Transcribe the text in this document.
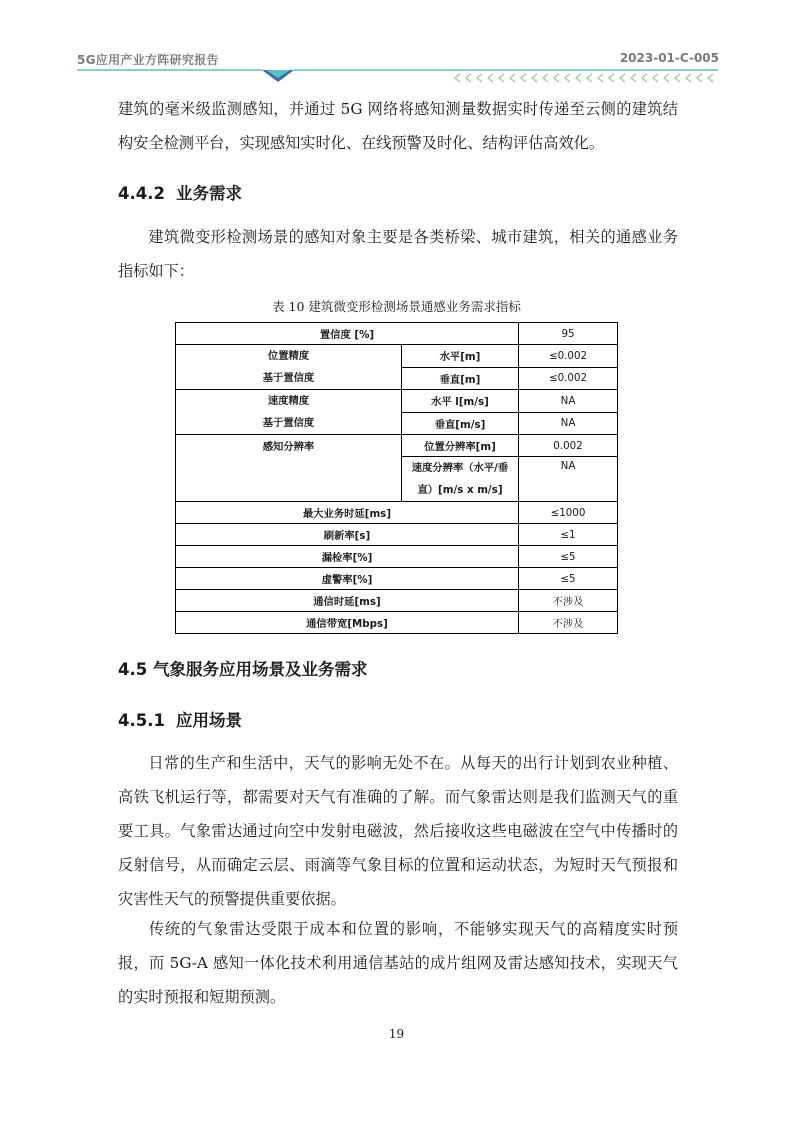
5G应用产业方阵研究报告	2023-01-C-005

建筑的毫米级监测感知，并通过 5G 网络将感知测量数据实时传递至云侧的建筑结构安全检测平台，实现感知实时化、在线预警及时化、结构评估高效化。

4.4.2 业务需求

建筑微变形检测场景的感知对象主要是各类桥梁、城市建筑，相关的通感业务指标如下：

表 10 建筑微变形检测场景通感业务需求指标
置信度 [%]		95

位置精度
基于置信度	水平[m]	≤0.002
	垂直[m]	≤0.002

速度精度
基于置信度	水平 l[m/s]	NA
	垂直[m/s]	NA
感知分辨率	位置分辨率[m]	0.002

	速度分辨率（水平/垂
直）[m/s x m/s]	NA
最大业务时延[ms]		≤1000
刷新率[s]		≤1
漏检率[%]		≤5
虚警率[%]		≤5
通信时延[ms]		不涉及
通信带宽[Mbps]		不涉及
4.5 气象服务应用场景及业务需求
4.5.1 应用场景

日常的生产和生活中，天气的影响无处不在。从每天的出行计划到农业种植、高铁飞机运行等，都需要对天气有准确的了解。而气象雷达则是我们监测天气的重要工具。气象雷达通过向空中发射电磁波，然后接收这些电磁波在空气中传播时的反射信号，从而确定云层、雨滴等气象目标的位置和运动状态，为短时天气预报和灾害性天气的预警提供重要依据。

传统的气象雷达受限于成本和位置的影响，不能够实现天气的高精度实时预报，而 5G-A 感知一体化技术利用通信基站的成片组网及雷达感知技术，实现天气的实时预报和短期预测。

19
